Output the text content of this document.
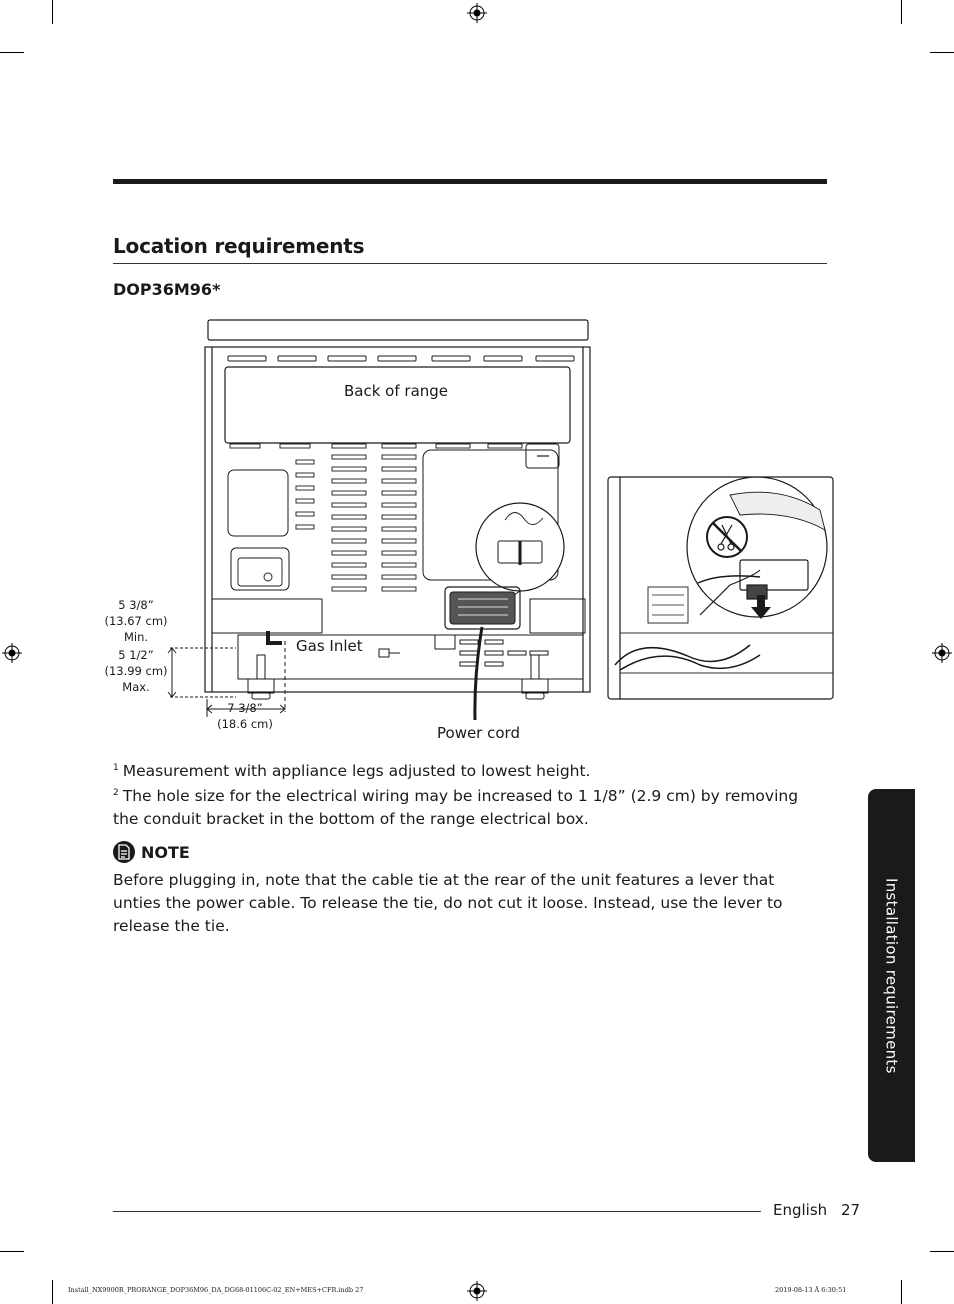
Location requirements
DOP36M96*
Back of range
Gas Inlet
Power cord
5 3/8”
(13.67 cm)
Min.
5 1/2”
(13.99 cm)
Max.
7 3/8”
(18.6 cm)
$^1$ Measurement with appliance legs adjusted to lowest height.
$^2$ The hole size for the electrical wiring may be increased to 1 1/8” (2.9 cm) by removing the conduit bracket in the bottom of the range electrical box.
NOTE
Before plugging in, note that the cable tie at the rear of the unit features a lever that unties the power cable. To release the tie, do not cut it loose. Instead, use the lever to release the tie.	Installation requirements
English 27
Install_NX9900R_PRORANGE_DOP36M96_DA_DG68-01106C-02_EN+MES+CFR.indb 27	2019-08-13 Ᾱ 6:30:51
